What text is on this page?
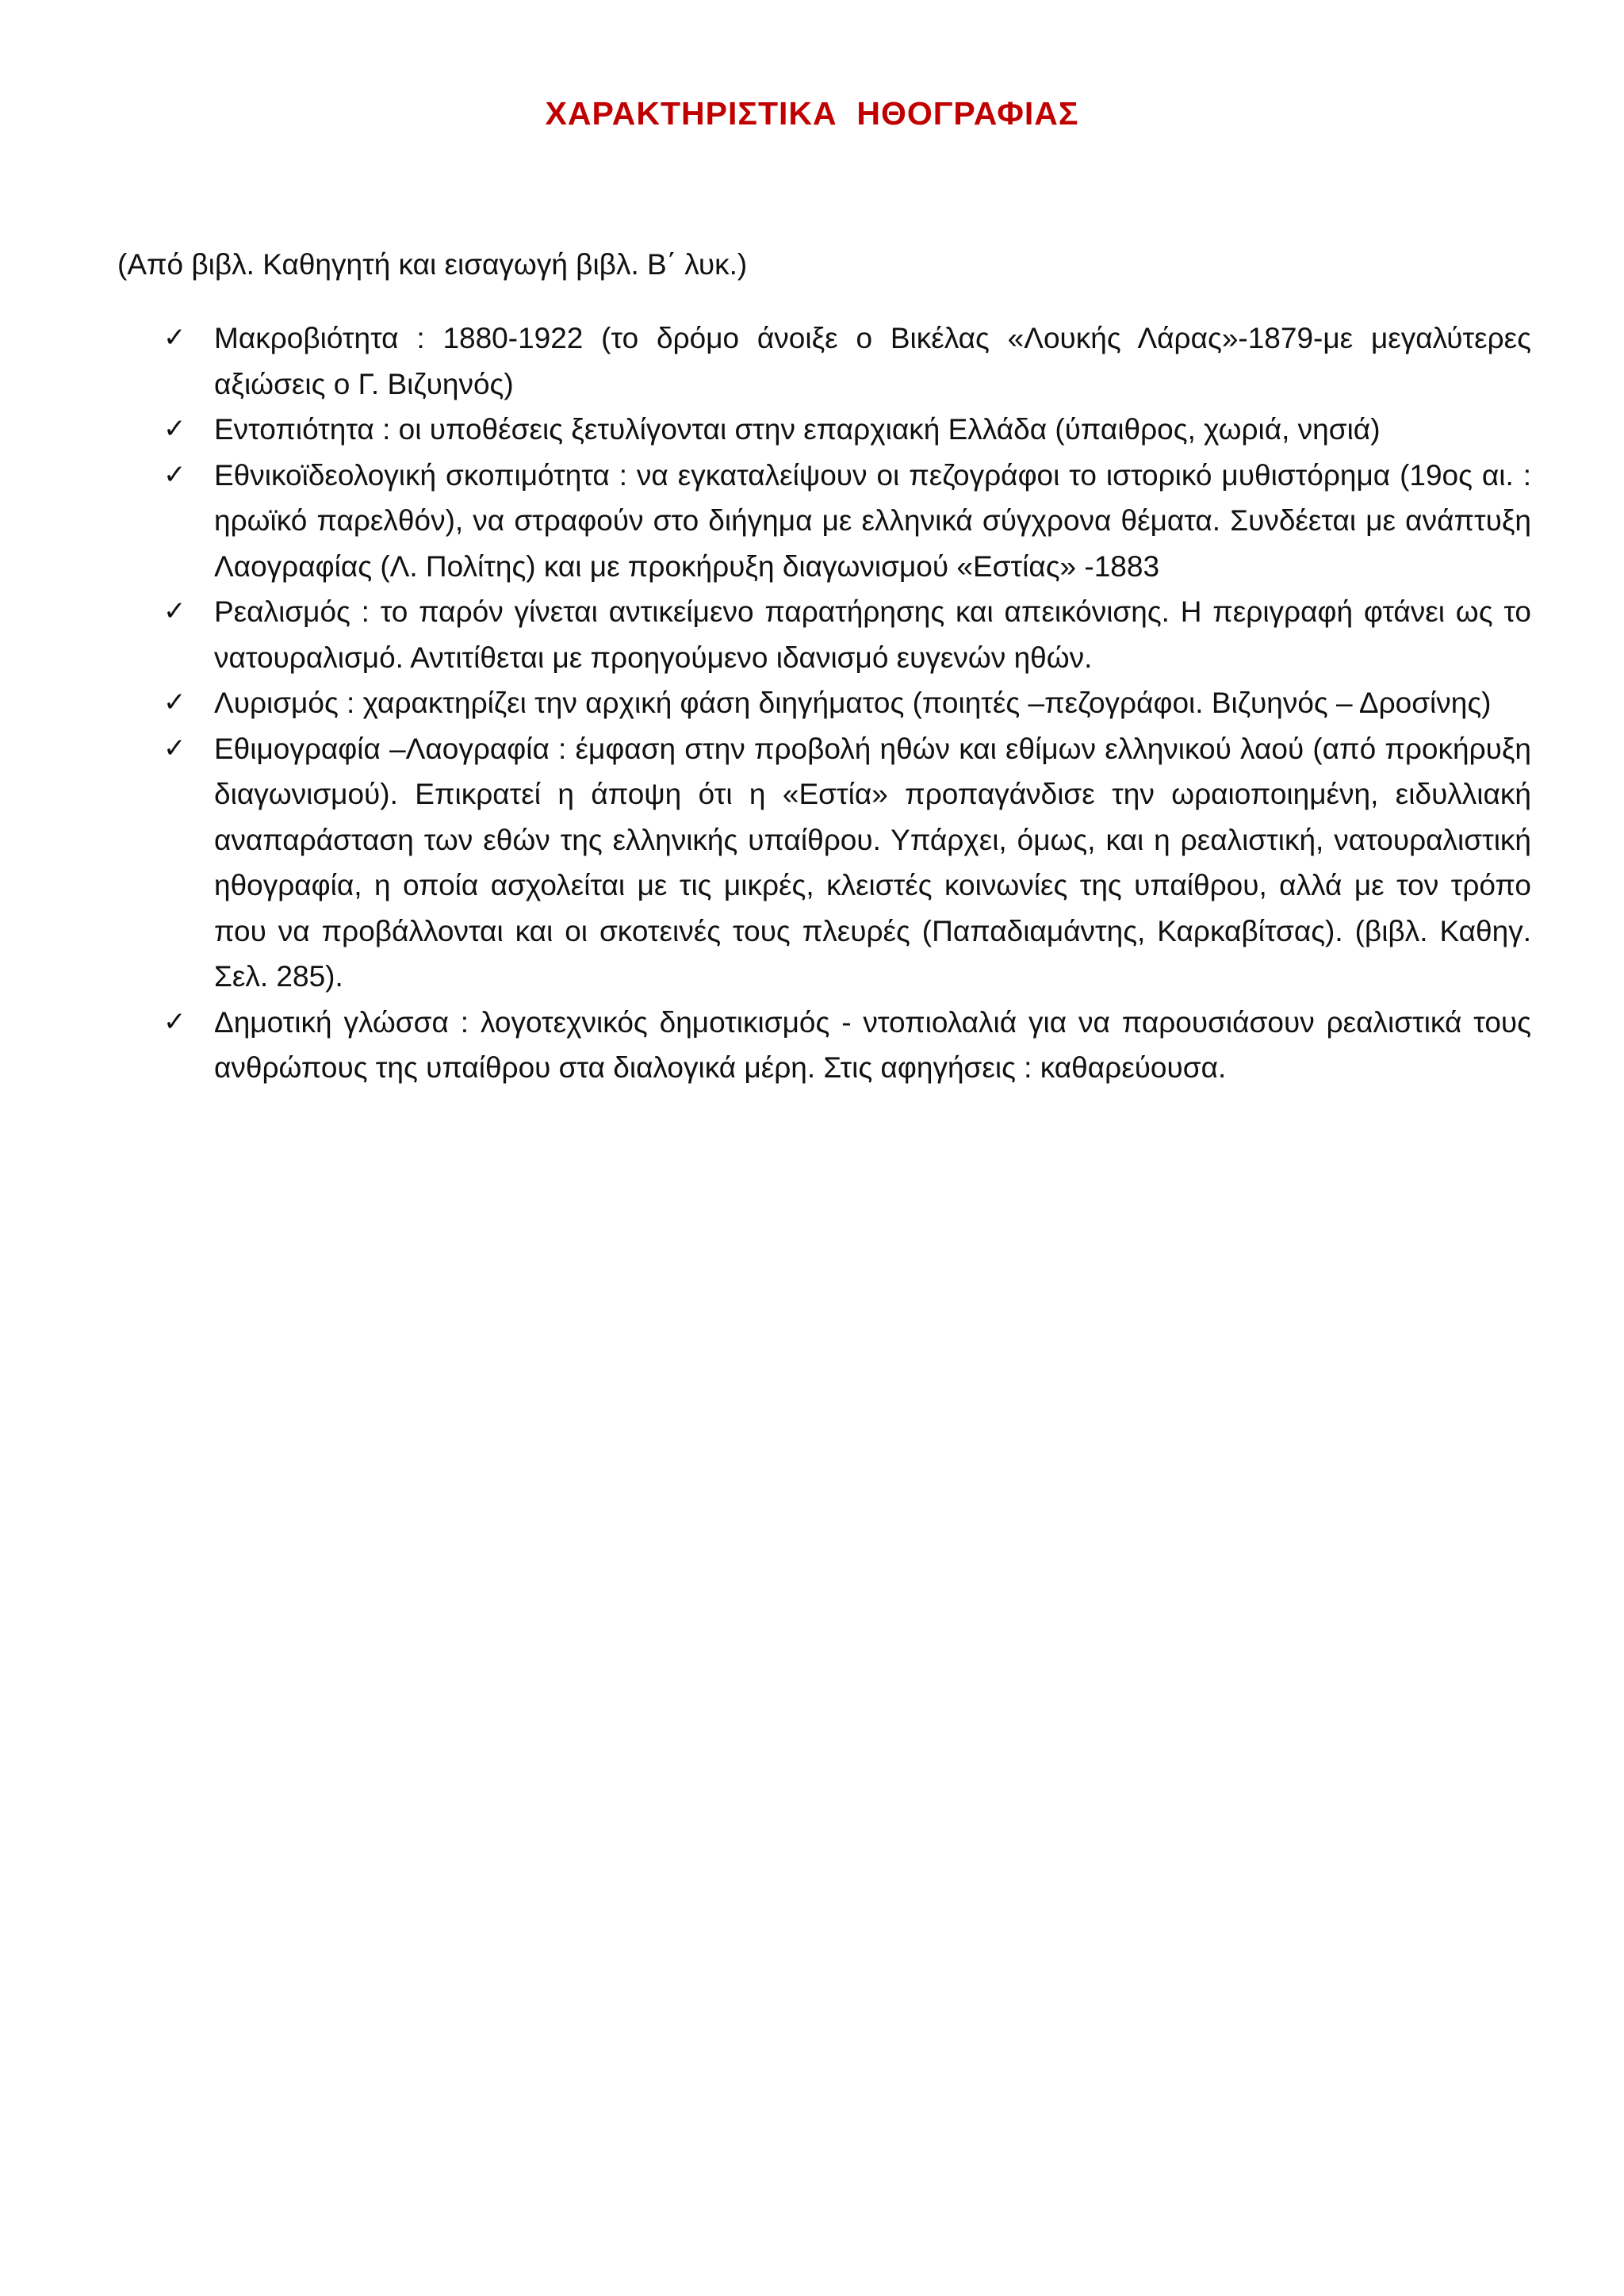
ΧΑΡΑΚΤΗΡΙΣΤΙΚΑ  ΗΘΟΓΡΑΦΙΑΣ
(Από βιβλ. Καθηγητή και εισαγωγή βιβλ. Β΄ λυκ.)
✓ Μακροβιότητα : 1880-1922 (το δρόμο άνοιξε ο Βικέλας «Λουκής Λάρας»-1879-με μεγαλύτερες αξιώσεις ο Γ. Βιζυηνός)
✓ Εντοπιότητα : οι υποθέσεις ξετυλίγονται στην επαρχιακή Ελλάδα (ύπαιθρος, χωριά, νησιά)
✓ Εθνικοϊδεολογική σκοπιμότητα : να εγκαταλείψουν οι πεζογράφοι το ιστορικό μυθιστόρημα (19ος αι. : ηρωϊκό παρελθόν), να στραφούν στο διήγημα με ελληνικά σύγχρονα θέματα. Συνδέεται με ανάπτυξη Λαογραφίας (Λ. Πολίτης) και με προκήρυξη διαγωνισμού «Εστίας» -1883
✓ Ρεαλισμός : το παρόν γίνεται αντικείμενο παρατήρησης και απεικόνισης. Η περιγραφή φτάνει ως το νατουραλισμό. Αντιτίθεται με προηγούμενο ιδανισμό ευγενών ηθών.
✓ Λυρισμός : χαρακτηρίζει την αρχική φάση διηγήματος (ποιητές –πεζογράφοι. Βιζυηνός – Δροσίνης)
✓ Εθιμογραφία –Λαογραφία : έμφαση στην προβολή ηθών και εθίμων ελληνικού λαού (από προκήρυξη διαγωνισμού). Επικρατεί η άποψη ότι η «Εστία» προπαγάνδισε την ωραιοποιημένη, ειδυλλιακή αναπαράσταση των εθών της ελληνικής υπαίθρου. Υπάρχει, όμως, και η ρεαλιστική, νατουραλιστική ηθογραφία, η οποία ασχολείται με τις μικρές, κλειστές κοινωνίες της υπαίθρου, αλλά με τον τρόπο που να προβάλλονται και οι σκοτεινές τους πλευρές (Παπαδιαμάντης, Καρκαβίτσας). (βιβλ. Καθηγ. Σελ. 285).
✓ Δημοτική γλώσσα : λογοτεχνικός δημοτικισμός - ντοπιολαλιά για να παρουσιάσουν ρεαλιστικά τους ανθρώπους της υπαίθρου στα διαλογικά μέρη. Στις αφηγήσεις : καθαρεύουσα.
